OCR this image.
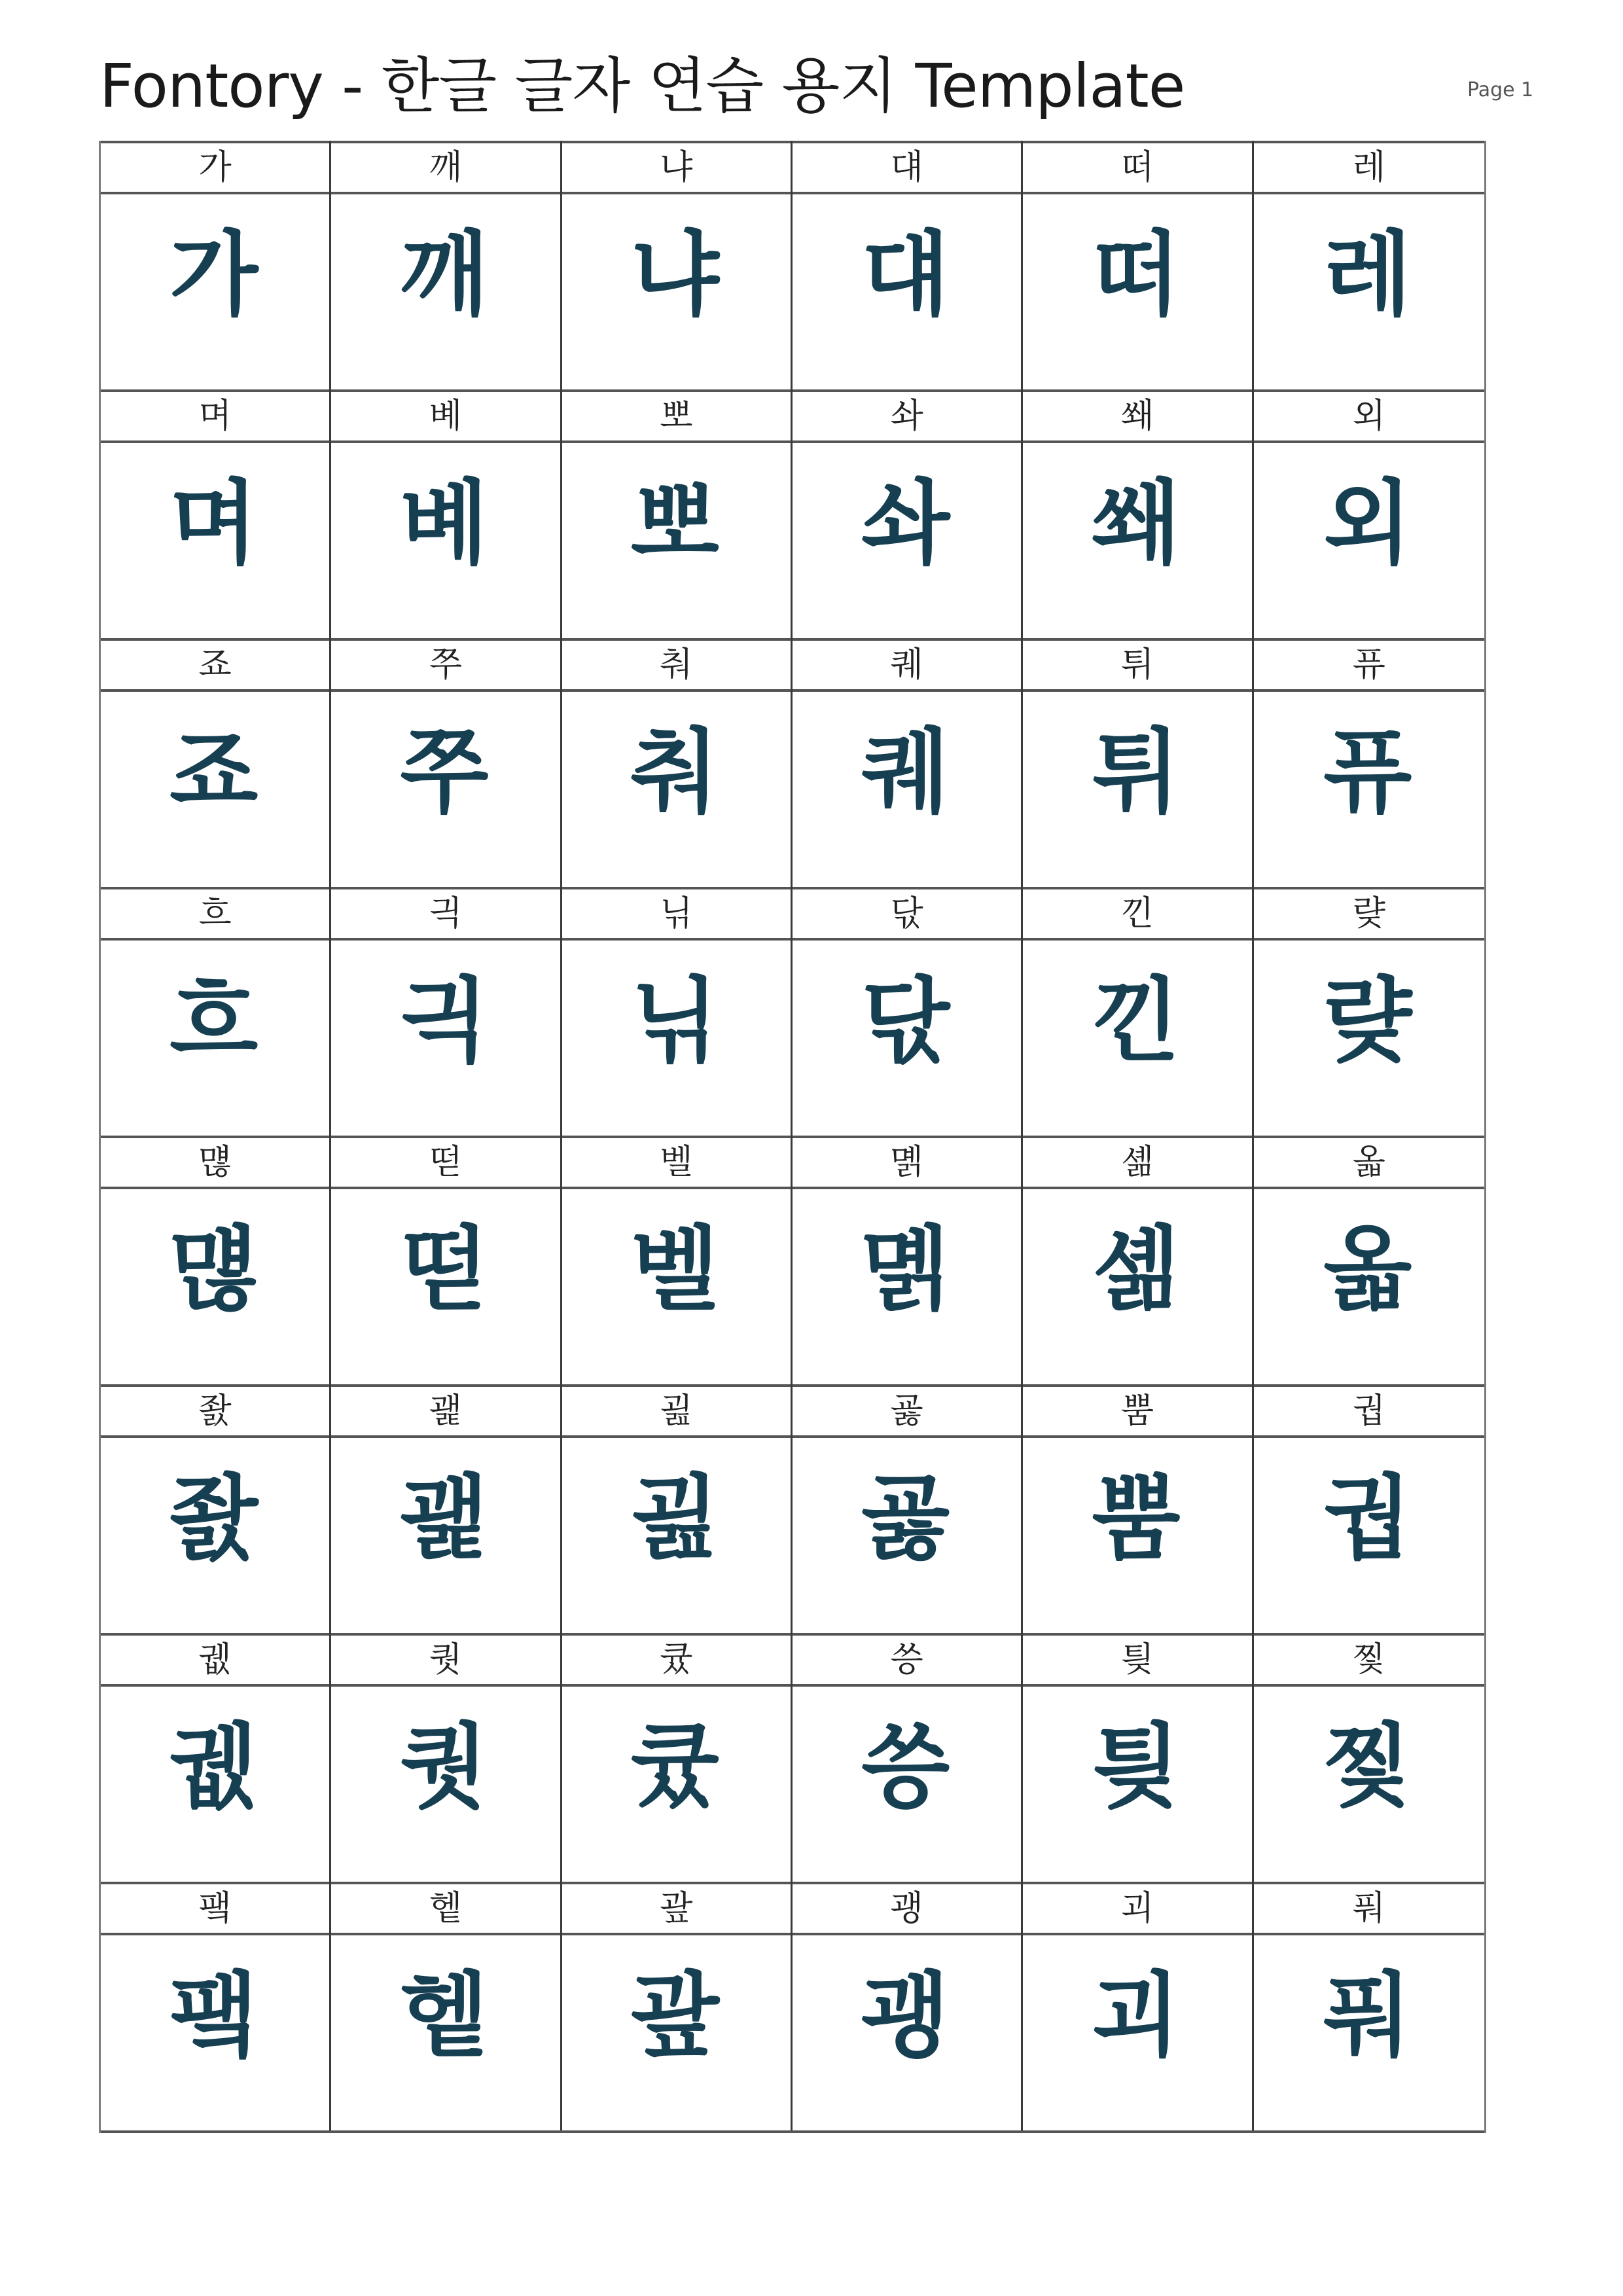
Fontory - 한글 글자 연습 용지 Template	Page 1
가
가
깨
깨
냐
냐
댸
댸
떠
떠
레
레
며
며
볘
볘
뽀
뽀
솨
솨
쐐
쐐
외
외
죠
죠
쭈
쭈
춰
춰
퀘
퀘
튀
튀
퓨
퓨
흐
흐
긕
긕
닊
닊
닧
닧
낀
낀
럊
럊
먢
먢
떧
떧
벨
벨
몕
몕
셺
셺
옯
옯
좘
좘
괥
괥
굂
굂
굟
굟
뿜
뿜
궙
궙
궶
궶
퀏
퀏
큤
큤
씅
씅
틪
틪
찣
찣
퍀
퍀
헽
헽
괖
괖
괭
괭
괴
괴
풔
풔
